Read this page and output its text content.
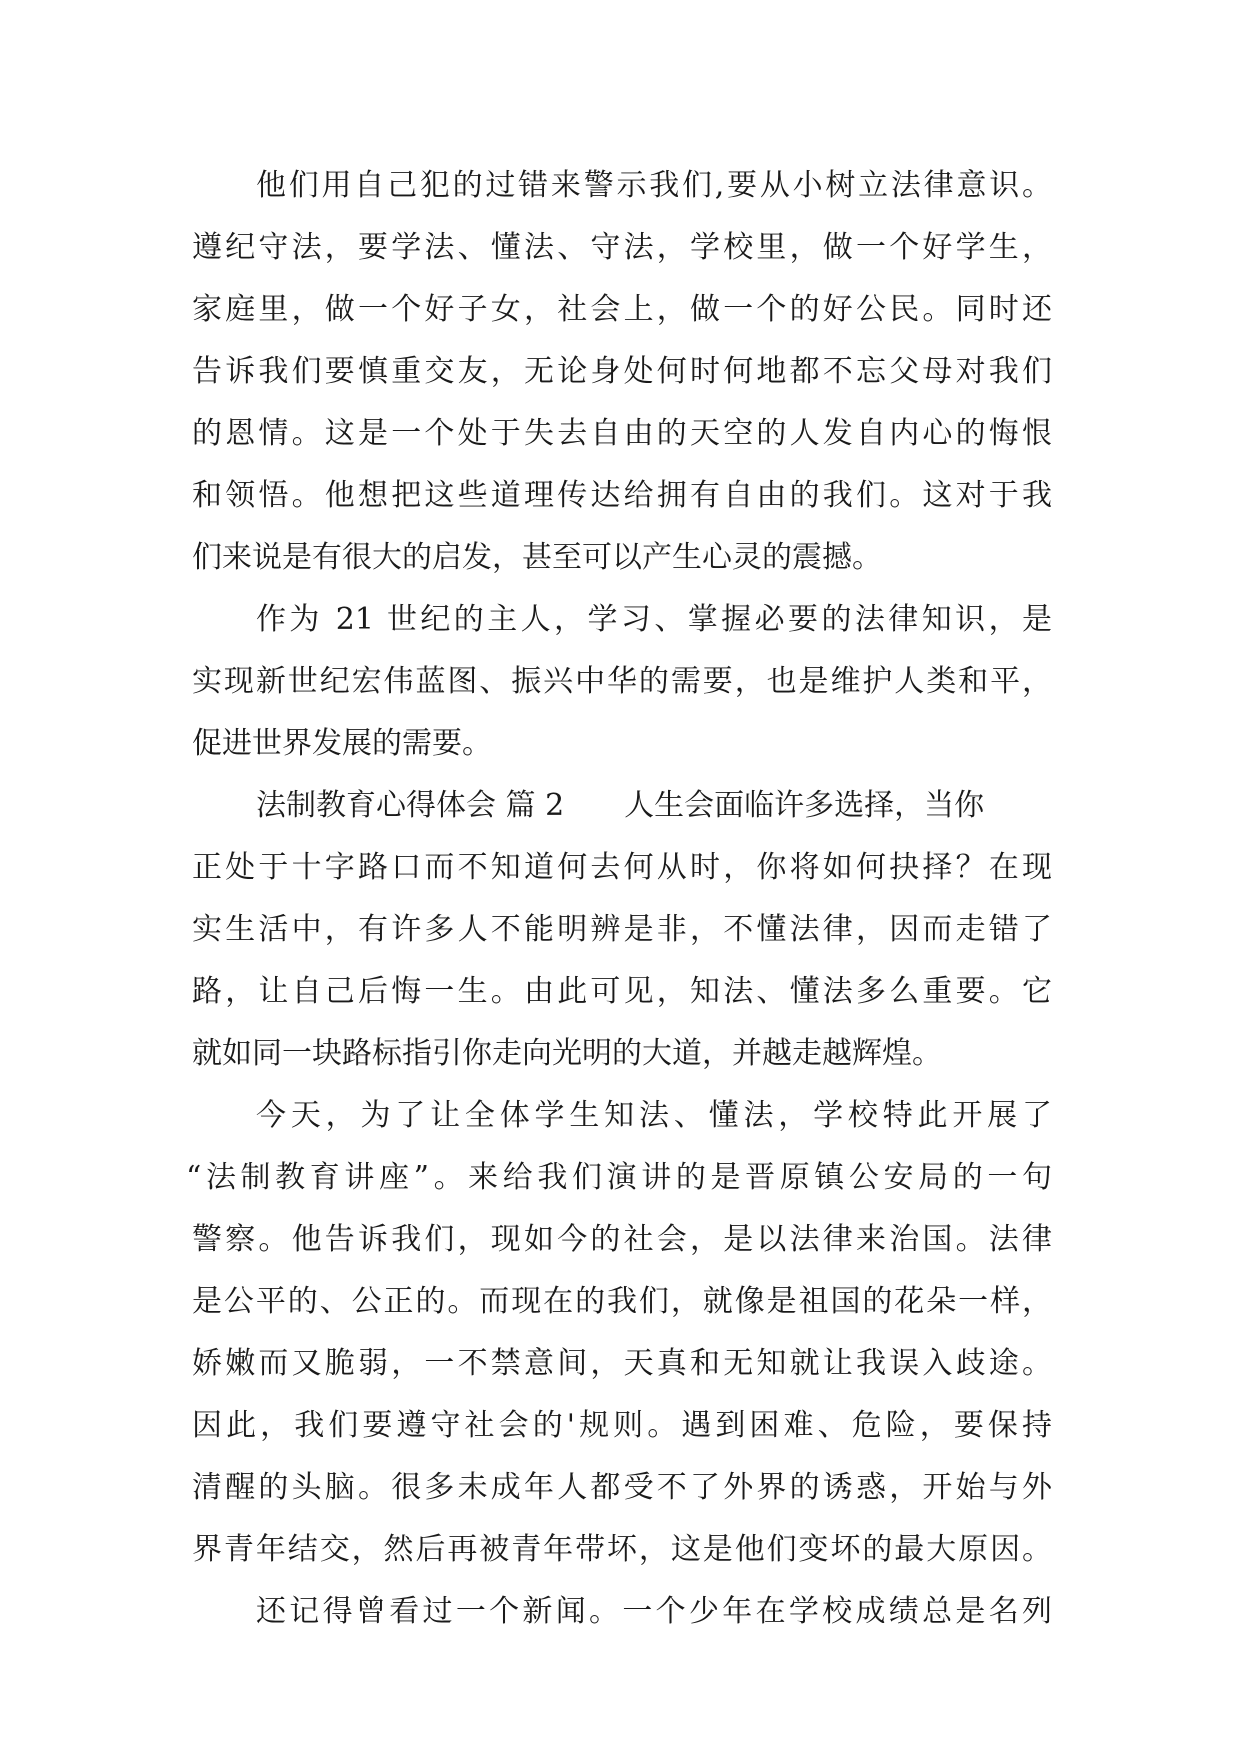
他们用自己犯的过错来警示我们,要从小树立法律意识。
遵纪守法，要学法、懂法、守法，学校里，做一个好学生，
家庭里，做一个好子女，社会上，做一个的好公民。同时还
告诉我们要慎重交友，无论身处何时何地都不忘父母对我们
的恩情。这是一个处于失去自由的天空的人发自内心的悔恨
和领悟。他想把这些道理传达给拥有自由的我们。这对于我
们来说是有很大的启发，甚至可以产生心灵的震撼。
作为 21 世纪的主人，学习、掌握必要的法律知识，是
实现新世纪宏伟蓝图、振兴中华的需要，也是维护人类和平，
促进世界发展的需要。
法制教育心得体会 篇 2 人生会面临许多选择，当你
正处于十字路口而不知道何去何从时，你将如何抉择？在现
实生活中，有许多人不能明辨是非，不懂法律，因而走错了
路，让自己后悔一生。由此可见，知法、懂法多么重要。它
就如同一块路标指引你走向光明的大道，并越走越辉煌。
今天，为了让全体学生知法、懂法，学校特此开展了
“法制教育讲座”。来给我们演讲的是晋原镇公安局的一句
警察。他告诉我们，现如今的社会，是以法律来治国。法律
是公平的、公正的。而现在的我们，就像是祖国的花朵一样，
娇嫩而又脆弱，一不禁意间，天真和无知就让我误入歧途。
因此，我们要遵守社会的'规则。遇到困难、危险，要保持
清醒的头脑。很多未成年人都受不了外界的诱惑，开始与外
界青年结交，然后再被青年带坏，这是他们变坏的最大原因。
还记得曾看过一个新闻。一个少年在学校成绩总是名列
